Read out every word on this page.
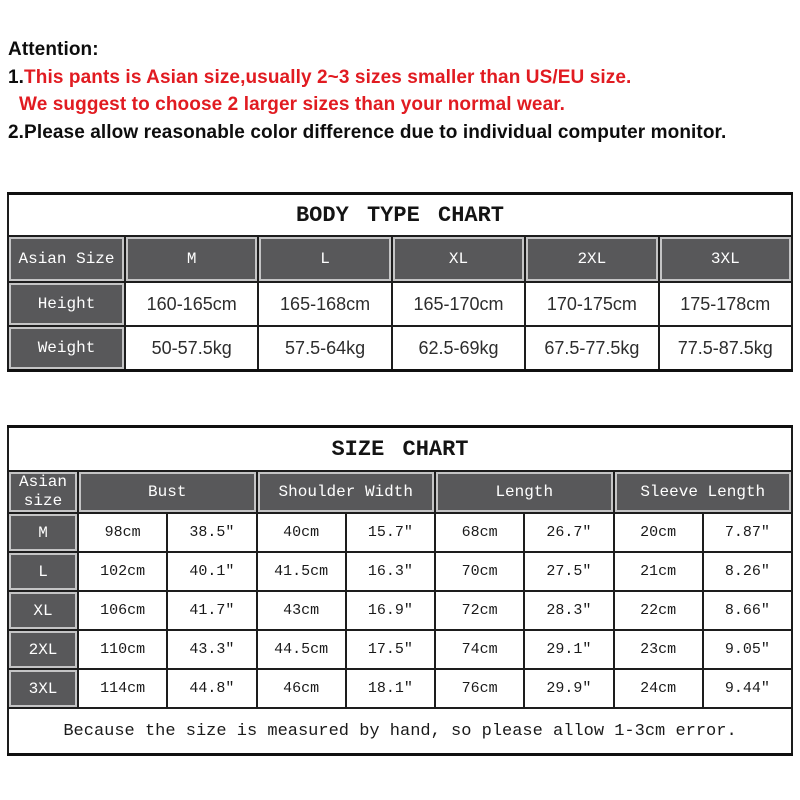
Attention:
1.This pants is Asian size,usually 2~3 sizes smaller than US/EU size.
We suggest to choose 2 larger sizes than your normal wear.
2.Please allow reasonable color difference due to individual computer monitor.
BODY TYPE CHART					
Asian Size	M	L	XL	2XL	3XL
Height	160-165cm	165-168cm	165-170cm	170-175cm	175-178cm
Weight	50-57.5kg	57.5-64kg	62.5-69kg	67.5-77.5kg	77.5-87.5kg
SIZE CHART								
Asian size	Bust		Shoulder Width		Length		Sleeve Length	
M	98cm	38.5″	40cm	15.7″	68cm	26.7″	20cm	7.87″
L	102cm	40.1″	41.5cm	16.3″	70cm	27.5″	21cm	8.26″
XL	106cm	41.7″	43cm	16.9″	72cm	28.3″	22cm	8.66″
2XL	110cm	43.3″	44.5cm	17.5″	74cm	29.1″	23cm	9.05″
3XL	114cm	44.8″	46cm	18.1″	76cm	29.9″	24cm	9.44″
Because the size is measured by hand, so please allow 1-3cm error.								
